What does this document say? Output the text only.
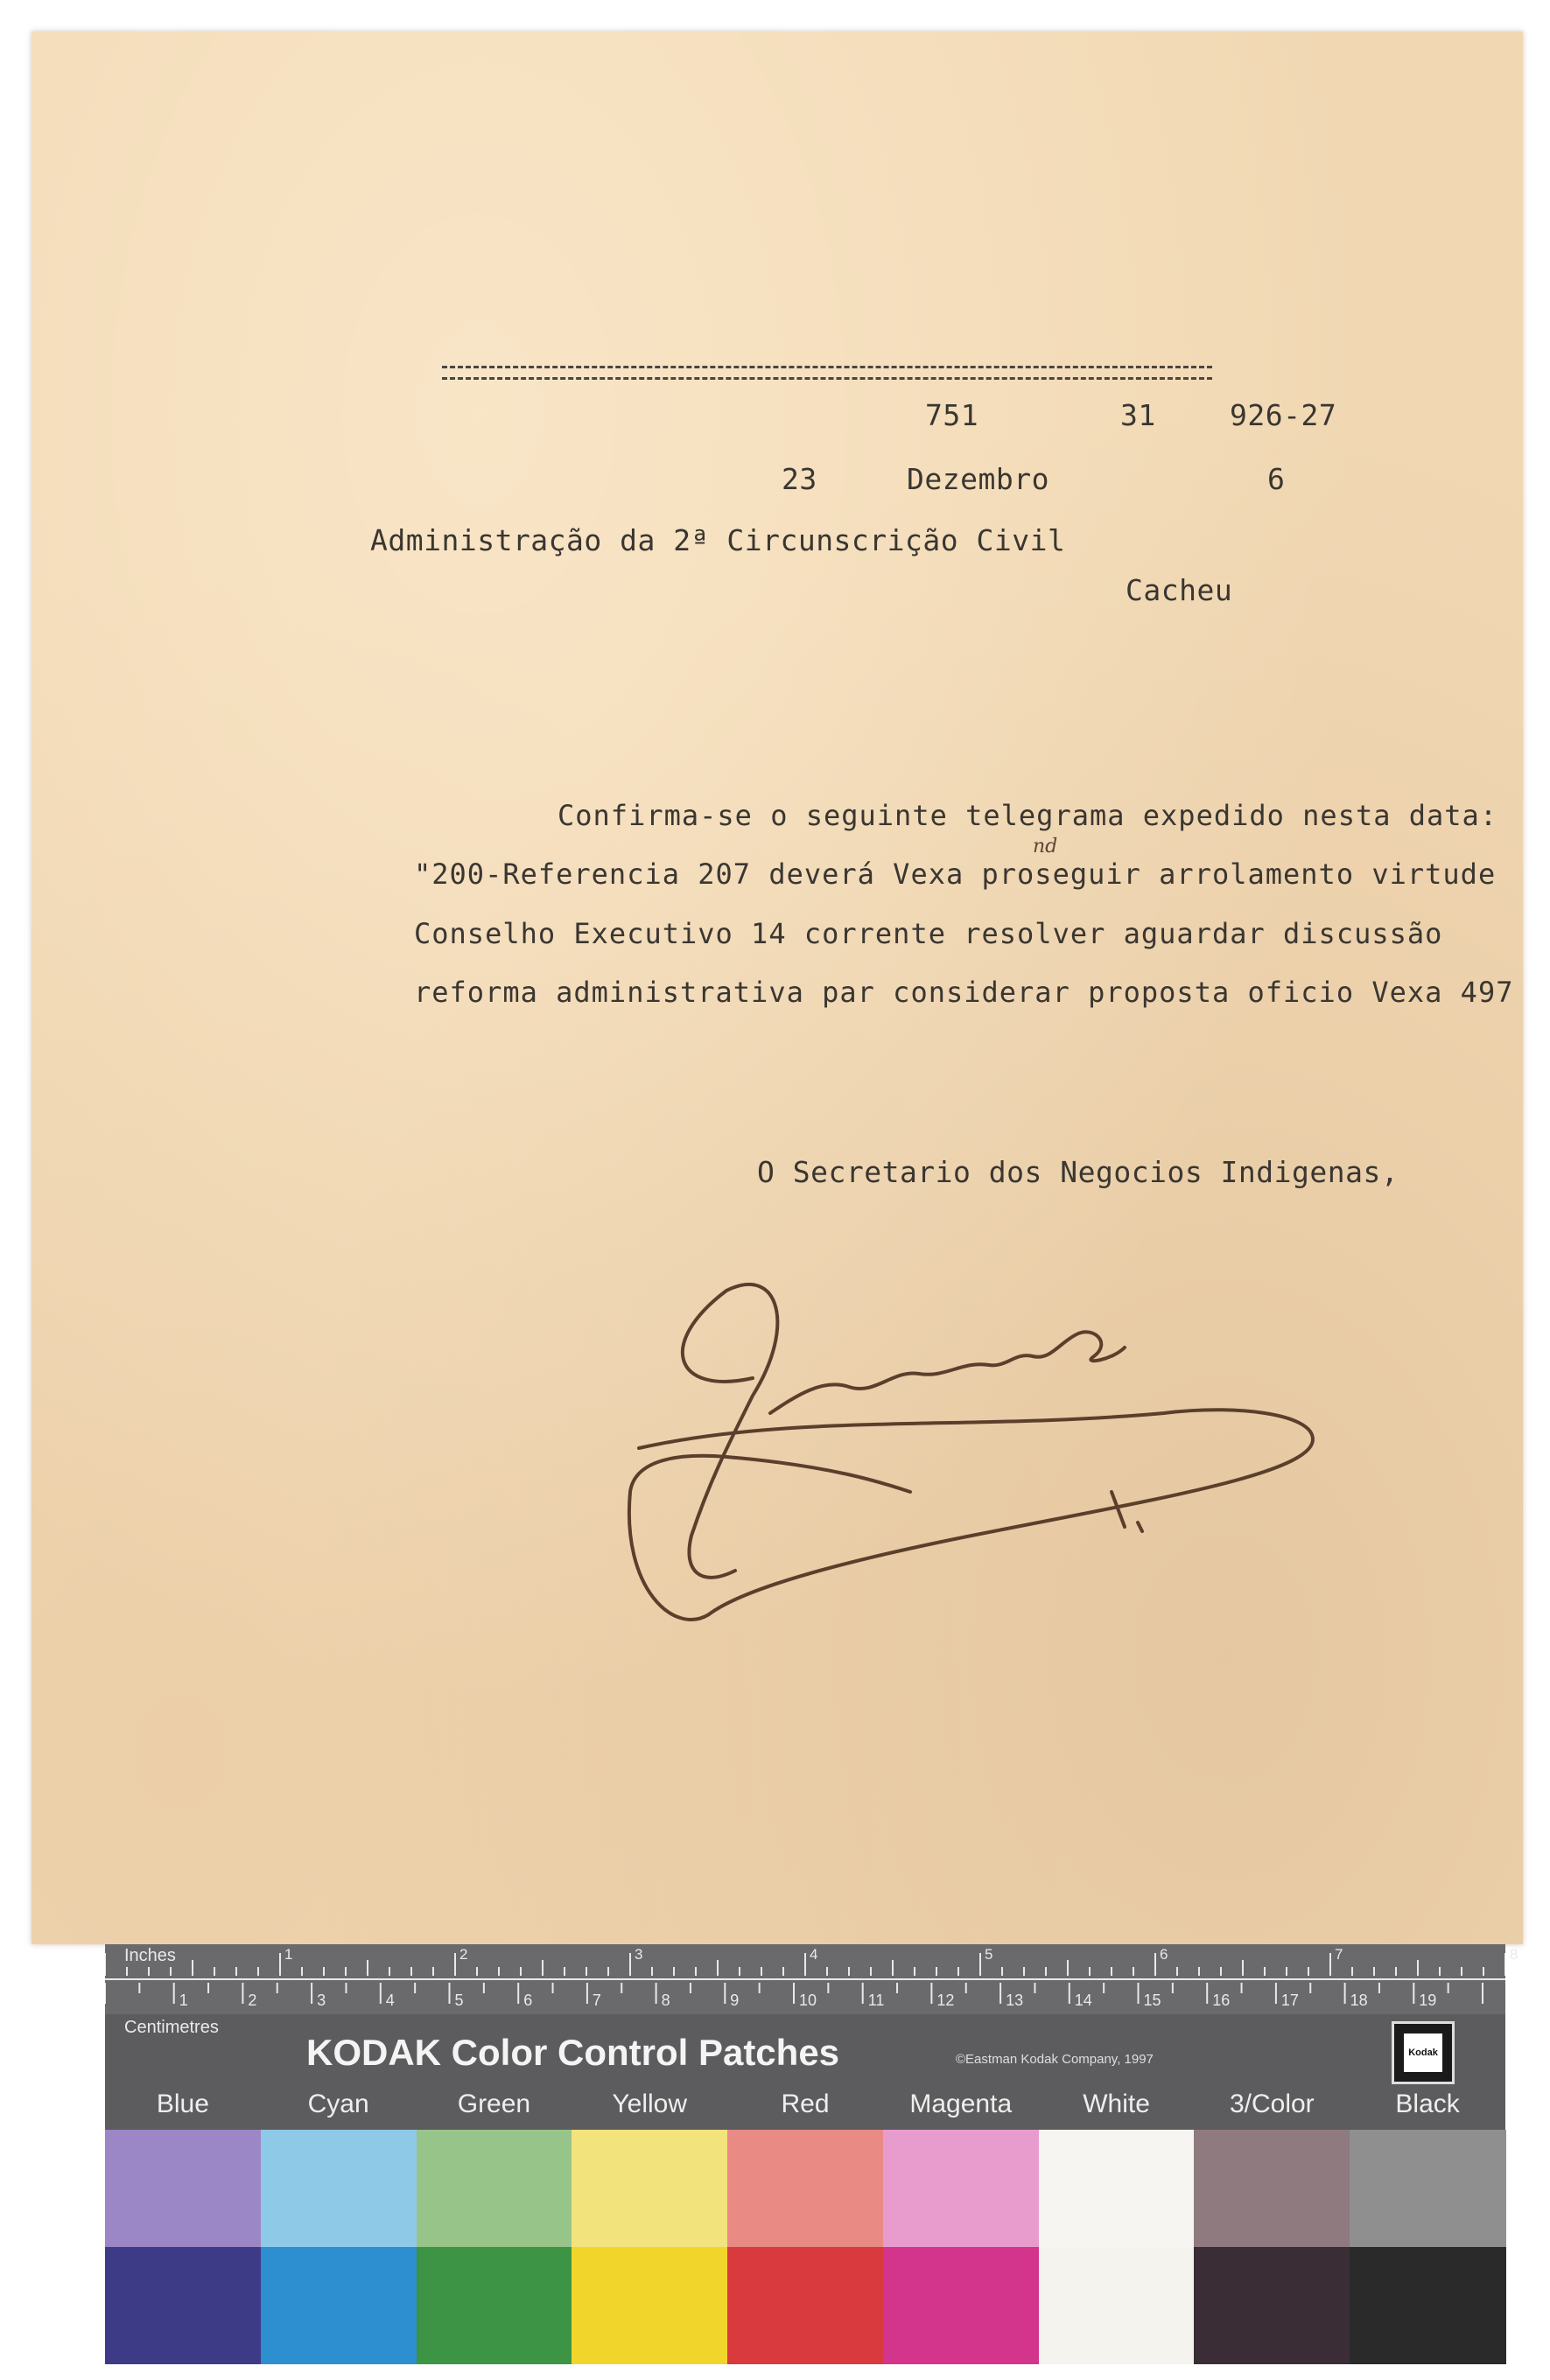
751	31	926-27
23	Dezembro	6
Administração da 2ª Circunscrição Civil
Cacheu
Confirma-se o seguinte telegrama expedido nesta data:
"200-Referencia 207 deverá Vexa proseguir arrolamento virtude
Conselho Executivo 14 corrente resolver aguardar discussão
reforma administrativa par considerar proposta oficio Vexa 497
nd
O Secretario dos Negocios Indigenas,
Inches	1	2	3	4	5	6	7	8
1	2	3	4	5	6	7	8	9	10	11	12	13	14	15	16	17	18	19
Centimetres
KODAK Color Control Patches	©Eastman Kodak Company, 1997	Kodak
Blue	Cyan	Green	Yellow	Red	Magenta	White	3/Color	Black
